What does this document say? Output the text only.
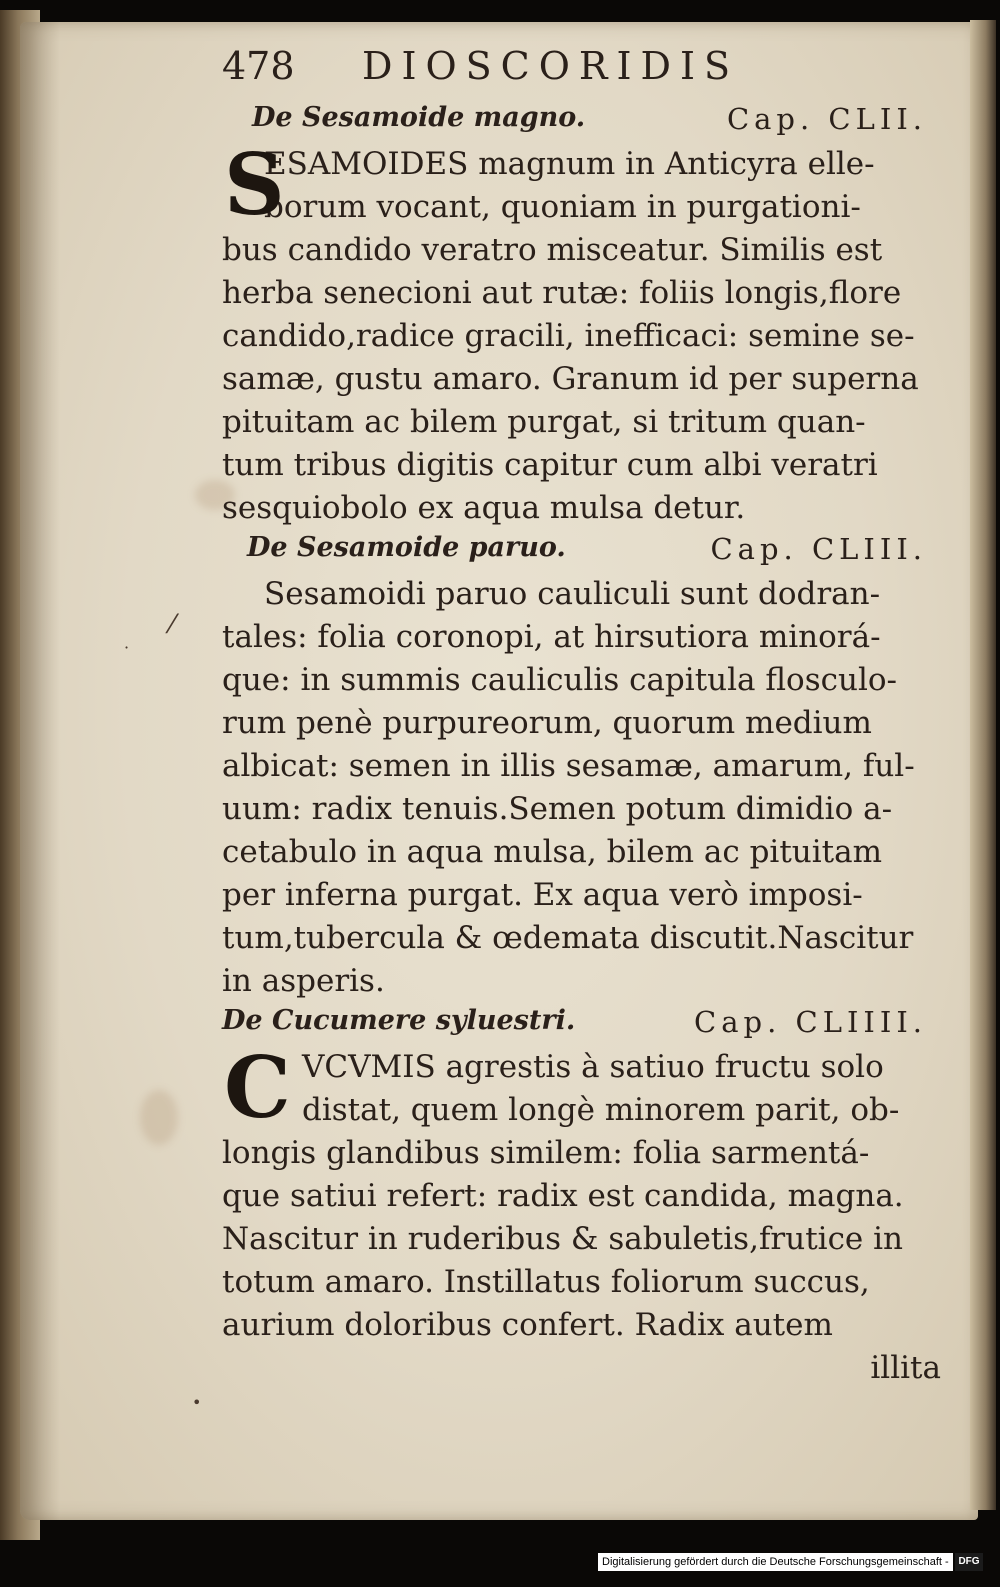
⁄
·
•
478 DIOSCORIDIS
De Sesamoide magno.	Cap. CLII.
S
ESAMOIDES magnum in Anticyra elle-
borum vocant, quoniam in purgationi-
bus candido veratro misceatur. Similis est
herba senecioni aut rutæ: foliis longis,flore
candido,radice gracili, inefficaci: semine se-
samæ, gustu amaro. Granum id per superna
pituitam ac bilem purgat, si tritum quan-
tum tribus digitis capitur cum albi veratri
sesquiobolo ex aqua mulsa detur.
De Sesamoide paruo.	Cap. CLIII.
Sesamoidi paruo cauliculi sunt dodran-
tales: folia coronopi, at hirsutiora minorá-
que: in summis cauliculis capitula flosculo-
rum penè purpureorum, quorum medium
albicat: semen in illis sesamæ, amarum, ful-
uum: radix tenuis.Semen potum dimidio a-
cetabulo in aqua mulsa, bilem ac pituitam
per inferna purgat. Ex aqua verò imposi-
tum,tubercula & œdemata discutit.Nascitur
in asperis.
De Cucumere syluestri.	Cap. CLIIII.
C VCVMIS agrestis à satiuo fructu solo
distat, quem longè minorem parit, ob-
longis glandibus similem: folia sarmentá-
que satiui refert: radix est candida, magna.
Nascitur in ruderibus & sabuletis,frutice in
totum amaro. Instillatus foliorum succus,
aurium doloribus confert. Radix autem
illita
Digitalisierung gefördert durch die Deutsche Forschungsgemeinschaft - DFG
